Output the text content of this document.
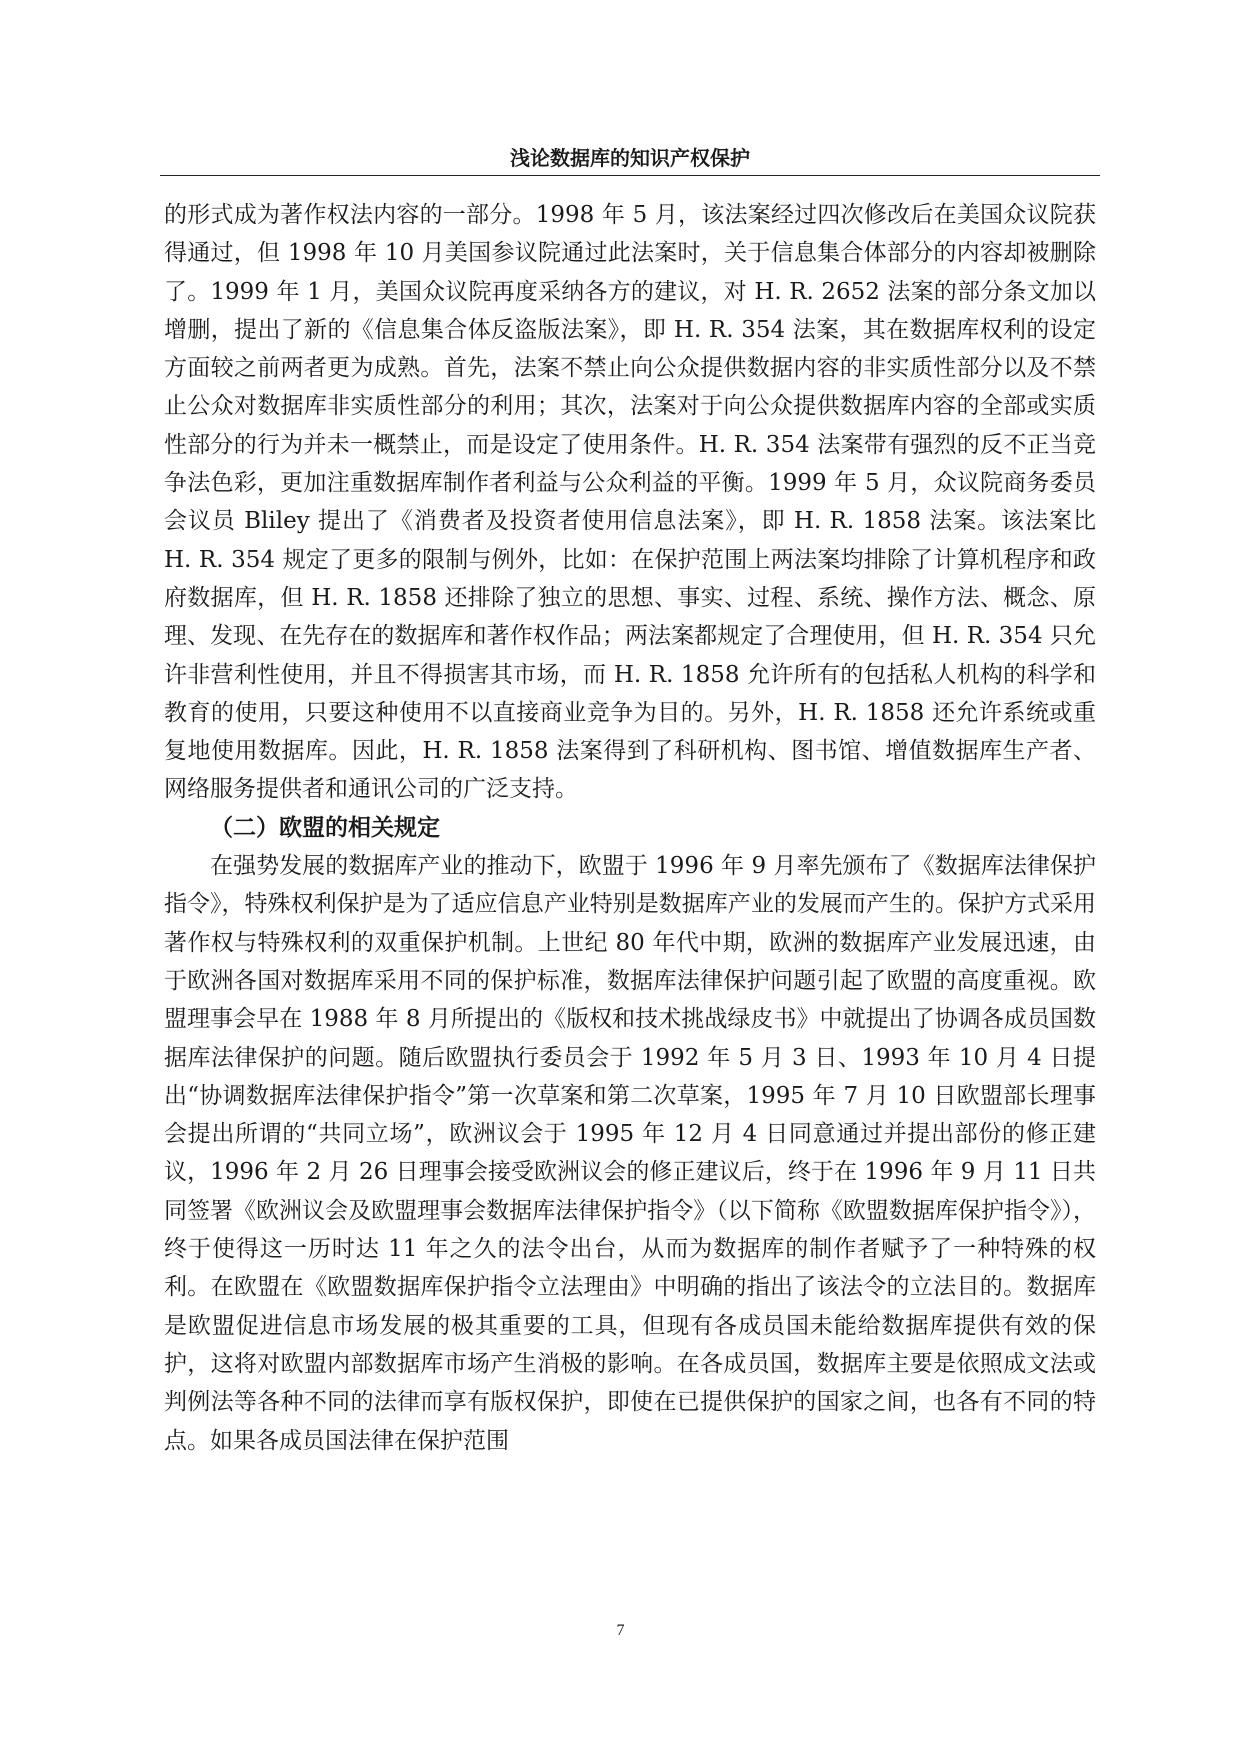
浅论数据库的知识产权保护

的形式成为著作权法内容的一部分。1998 年 5 月，该法案经过四次修改后在美国众议院获得通过，但 1998 年 10 月美国参议院通过此法案时，关于信息集合体部分的内容却被删除了。1999 年 1 月，美国众议院再度采纳各方的建议，对 H. R. 2652 法案的部分条文加以增删，提出了新的《信息集合体反盗版法案》，即 H. R. 354 法案，其在数据库权利的设定方面较之前两者更为成熟。首先，法案不禁止向公众提供数据内容的非实质性部分以及不禁止公众对数据库非实质性部分的利用；其次，法案对于向公众提供数据库内容的全部或实质性部分的行为并未一概禁止，而是设定了使用条件。H. R. 354 法案带有强烈的反不正当竞争法色彩，更加注重数据库制作者利益与公众利益的平衡。1999 年 5 月，众议院商务委员会议员 Bliley 提出了《消费者及投资者使用信息法案》，即 H. R. 1858 法案。该法案比 H. R. 354 规定了更多的限制与例外，比如：在保护范围上两法案均排除了计算机程序和政府数据库，但 H. R. 1858 还排除了独立的思想、事实、过程、系统、操作方法、概念、原理、发现、在先存在的数据库和著作权作品；两法案都规定了合理使用，但 H. R. 354 只允许非营利性使用，并且不得损害其市场，而 H. R. 1858 允许所有的包括私人机构的科学和教育的使用，只要这种使用不以直接商业竞争为目的。另外，H. R. 1858 还允许系统或重复地使用数据库。因此，H. R. 1858 法案得到了科研机构、图书馆、增值数据库生产者、网络服务提供者和通讯公司的广泛支持。

（二）欧盟的相关规定

在强势发展的数据库产业的推动下，欧盟于 1996 年 9 月率先颁布了《数据库法律保护指令》，特殊权利保护是为了适应信息产业特别是数据库产业的发展而产生的。保护方式采用著作权与特殊权利的双重保护机制。上世纪 80 年代中期，欧洲的数据库产业发展迅速，由于欧洲各国对数据库采用不同的保护标准，数据库法律保护问题引起了欧盟的高度重视。欧盟理事会早在 1988 年 8 月所提出的《版权和技术挑战绿皮书》中就提出了协调各成员国数据库法律保护的问题。随后欧盟执行委员会于 1992 年 5 月 3 日、1993 年 10 月 4 日提出“协调数据库法律保护指令”第一次草案和第二次草案，1995 年 7 月 10 日欧盟部长理事会提出所谓的“共同立场”，欧洲议会于 1995 年 12 月 4 日同意通过并提出部份的修正建议，1996 年 2 月 26 日理事会接受欧洲议会的修正建议后，终于在 1996 年 9 月 11 日共同签署《欧洲议会及欧盟理事会数据库法律保护指令》（以下简称《欧盟数据库保护指令》），终于使得这一历时达 11 年之久的法令出台，从而为数据库的制作者赋予了一种特殊的权利。在欧盟在《欧盟数据库保护指令立法理由》中明确的指出了该法令的立法目的。数据库是欧盟促进信息市场发展的极其重要的工具，但现有各成员国未能给数据库提供有效的保护，这将对欧盟内部数据库市场产生消极的影响。在各成员国，数据库主要是依照成文法或判例法等各种不同的法律而享有版权保护，即使在已提供保护的国家之间，也各有不同的特点。如果各成员国法律在保护范围

7
